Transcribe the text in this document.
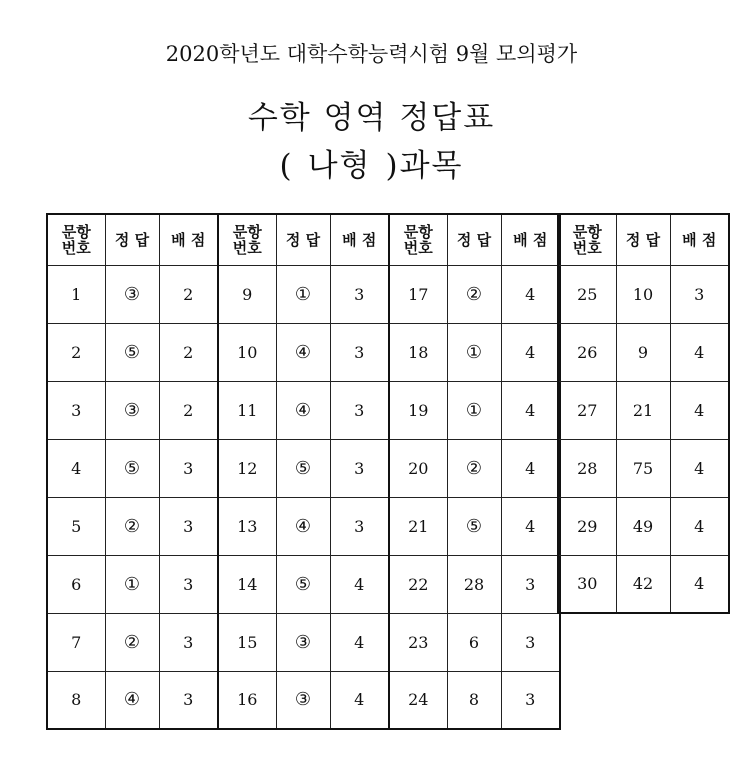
2020학년도 대학수학능력시험 9월 모의평가
수학 영역 정답표
( 나형 )과목
문항
번호	정 답	배 점
1	③	2
2	⑤	2
3	③	2
4	⑤	3
5	②	3
6	①	3
7	②	3
8	④	3
문항
번호	정 답	배 점
9	①	3
10	④	3
11	④	3
12	⑤	3
13	④	3
14	⑤	4
15	③	4
16	③	4
문항
번호	정 답	배 점
17	②	4
18	①	4
19	①	4
20	②	4
21	⑤	4
22	28	3
23	6	3
24	8	3
문항
번호	정 답	배 점
25	10	3
26	9	4
27	21	4
28	75	4
29	49	4
30	42	4
